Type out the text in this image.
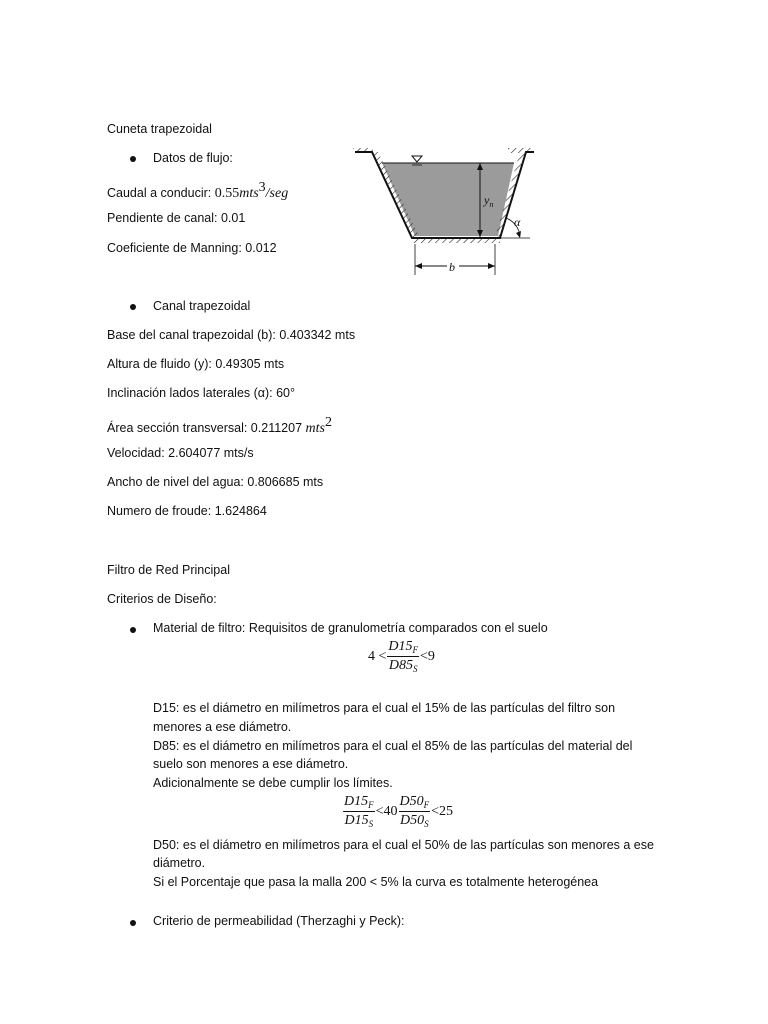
Cuneta trapezoidal
Datos de flujo:
Caudal a conducir: 0.55mts$^3$/seg
Pendiente de canal: 0.01
Coeficiente de Manning: 0.012
$y_n$
α
b
Canal trapezoidal
Base del canal trapezoidal (b): 0.403342 mts
Altura de fluido (y): 0.49305 mts
Inclinación lados laterales (α): 60°
Área sección transversal: 0.211207 mts$^2$
Velocidad: 2.604077 mts/s
Ancho de nivel del agua: 0.806685 mts
Numero de froude: 1.624864
Filtro de Red Principal
Criterios de Diseño:
Material de filtro: Requisitos de granulometría comparados con el suelo
$4 < \frac{D15_F}{D85_S} <9$
D15: es el diámetro en milímetros para el cual el 15% de las partículas del filtro son
menores a ese diámetro.
D85: es el diámetro en milímetros para el cual el 85% de las partículas del material del
suelo son menores a ese diámetro.
Adicionalmente se debe cumplir los límites.
$\frac{D15_F}{D15_S} <40 \frac{D50_F}{D50_S} <25$
D50: es el diámetro en milímetros para el cual el 50% de las partículas son menores a ese
diámetro.
Si el Porcentaje que pasa la malla 200 < 5% la curva es totalmente heterogénea
Criterio de permeabilidad (Therzaghi y Peck):
